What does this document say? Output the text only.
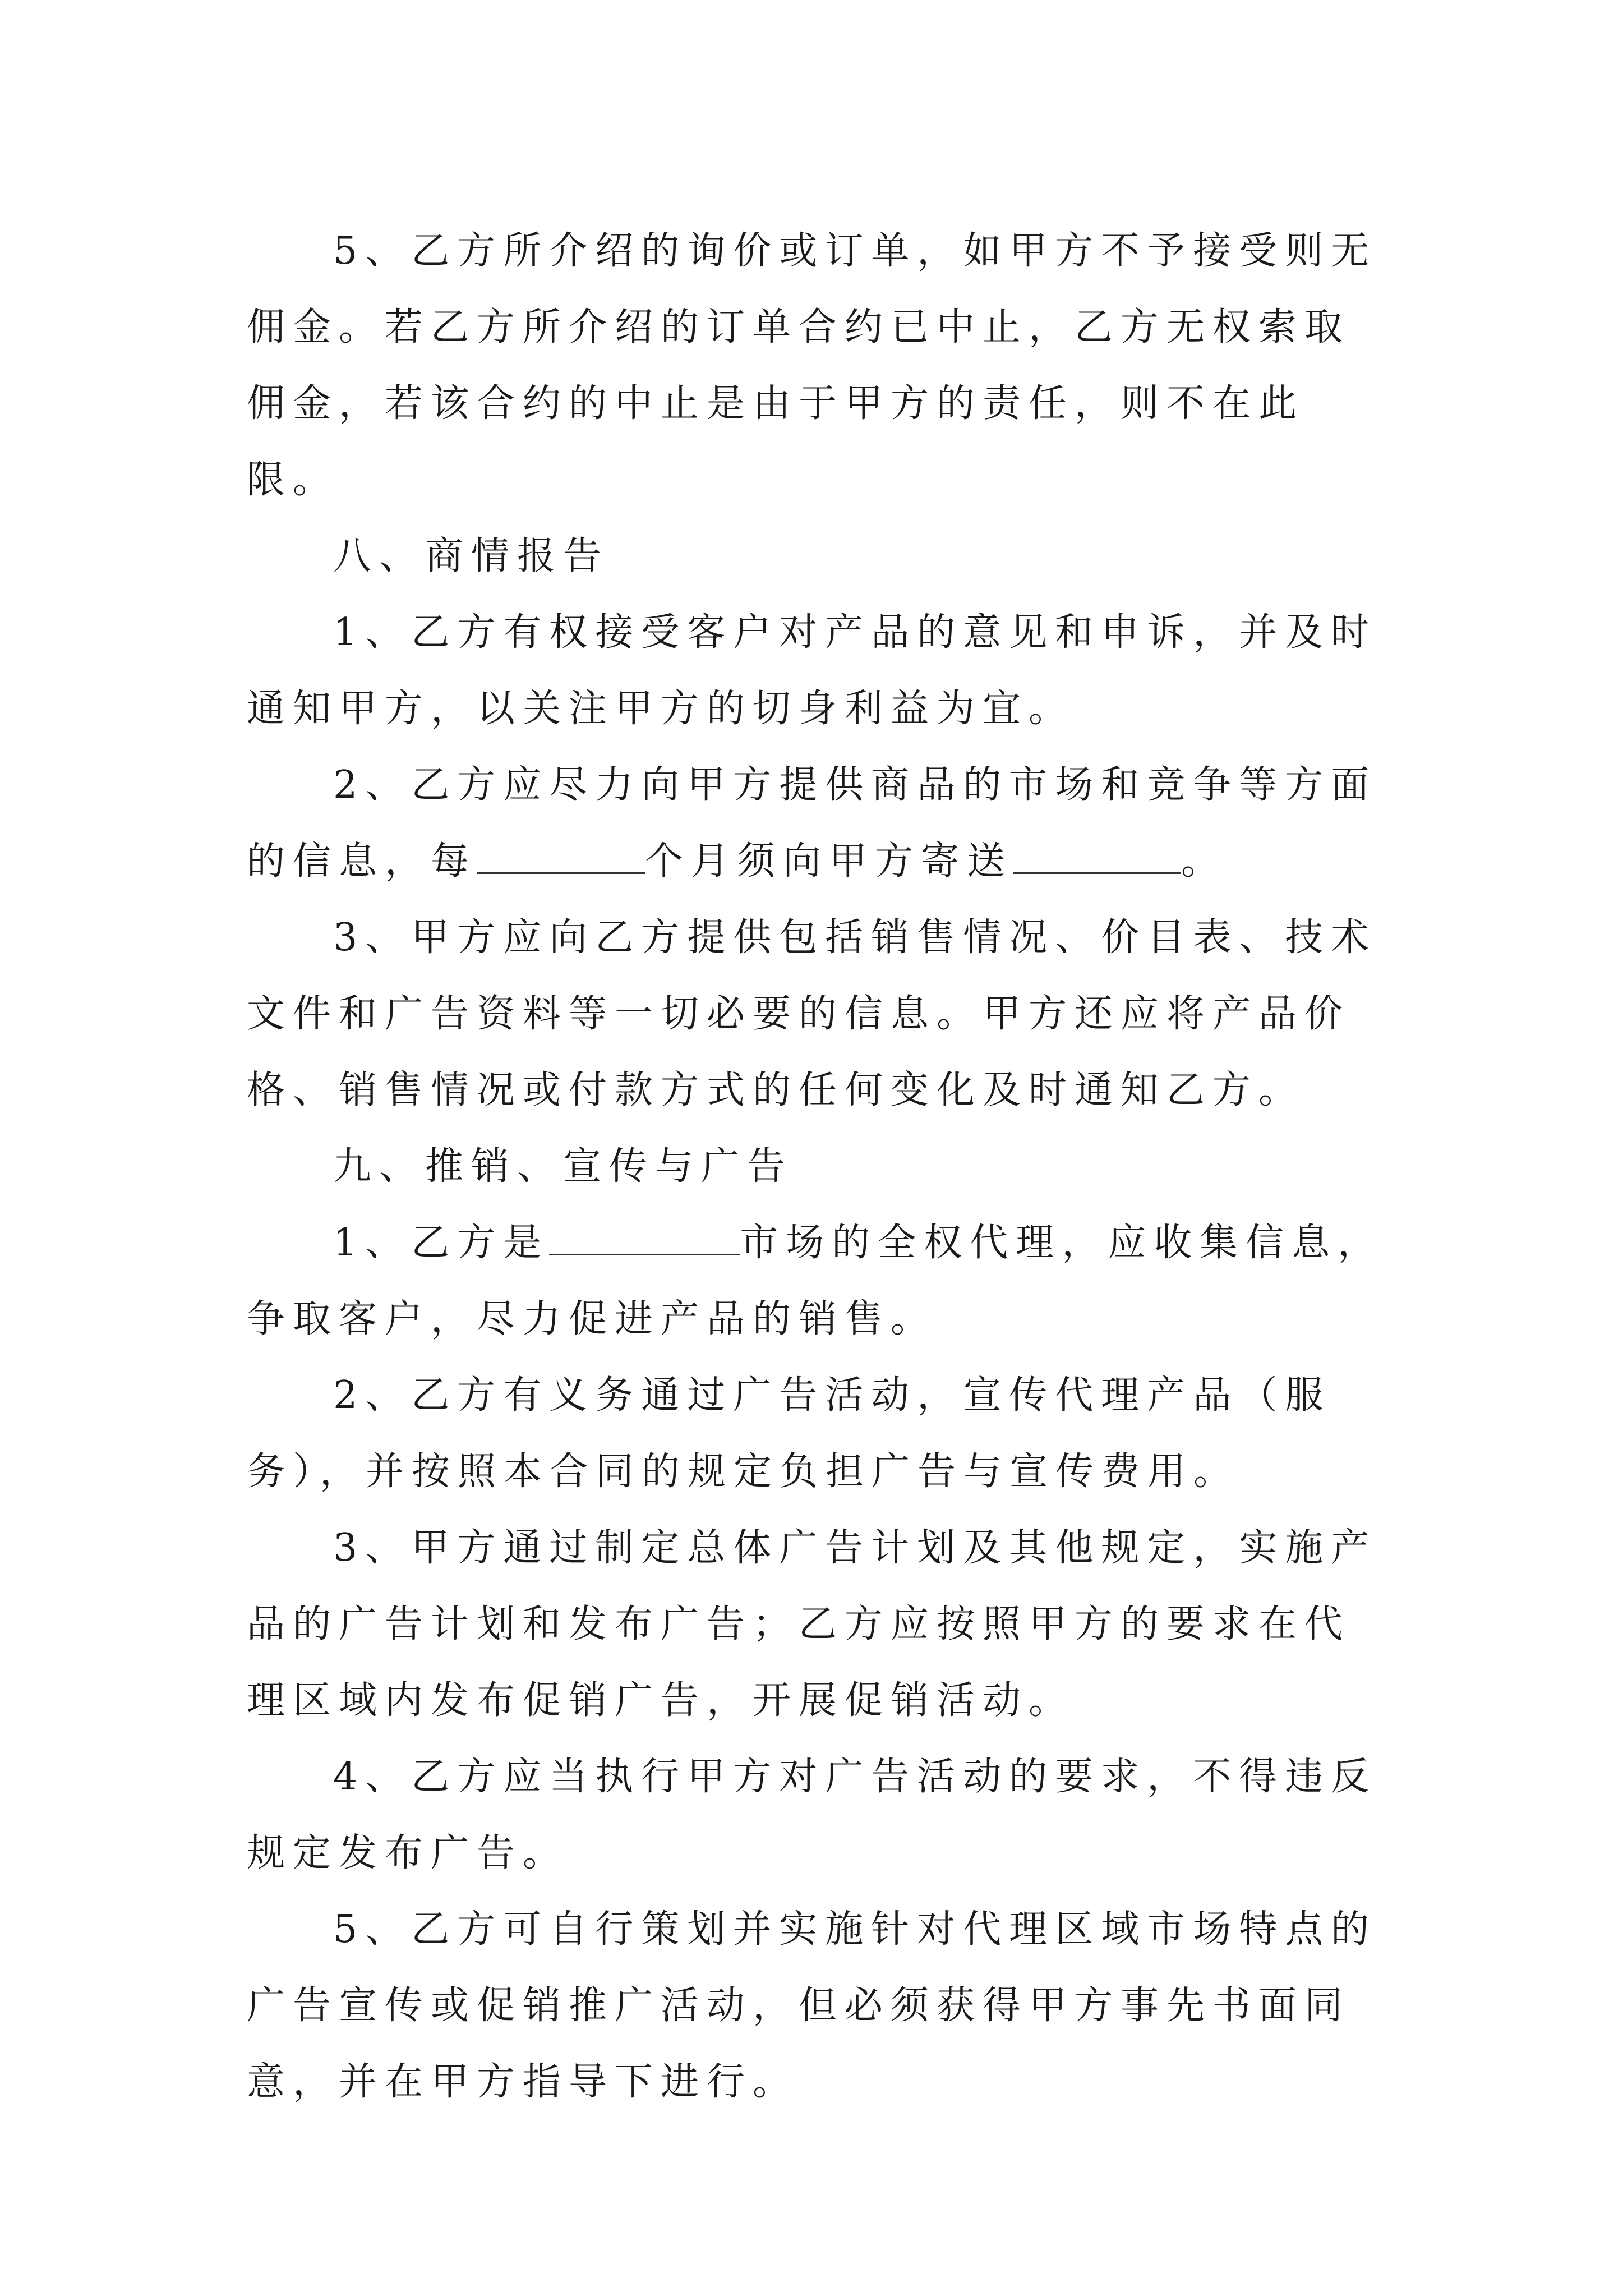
5、乙方所介绍的询价或订单，如甲方不予接受则无佣金。若乙方所介绍的订单合约已中止，乙方无权索取佣金，若该合约的中止是由于甲方的责任，则不在此限。

八、商情报告

1、乙方有权接受客户对产品的意见和申诉，并及时通知甲方，以关注甲方的切身利益为宜。

2、乙方应尽力向甲方提供商品的市场和竞争等方面的信息，每	个月须向甲方寄送	。

3、甲方应向乙方提供包括销售情况、价目表、技术文件和广告资料等一切必要的信息。甲方还应将产品价格、销售情况或付款方式的任何变化及时通知乙方。

九、推销、宣传与广告

1、乙方是	市场的全权代理，应收集信息，争取客户，尽力促进产品的销售。

2、乙方有义务通过广告活动，宣传代理产品（服务），并按照本合同的规定负担广告与宣传费用。

3、甲方通过制定总体广告计划及其他规定，实施产品的广告计划和发布广告；乙方应按照甲方的要求在代理区域内发布促销广告，开展促销活动。

4、乙方应当执行甲方对广告活动的要求，不得违反规定发布广告。

5、乙方可自行策划并实施针对代理区域市场特点的广告宣传或促销推广活动，但必须获得甲方事先书面同意，并在甲方指导下进行。
